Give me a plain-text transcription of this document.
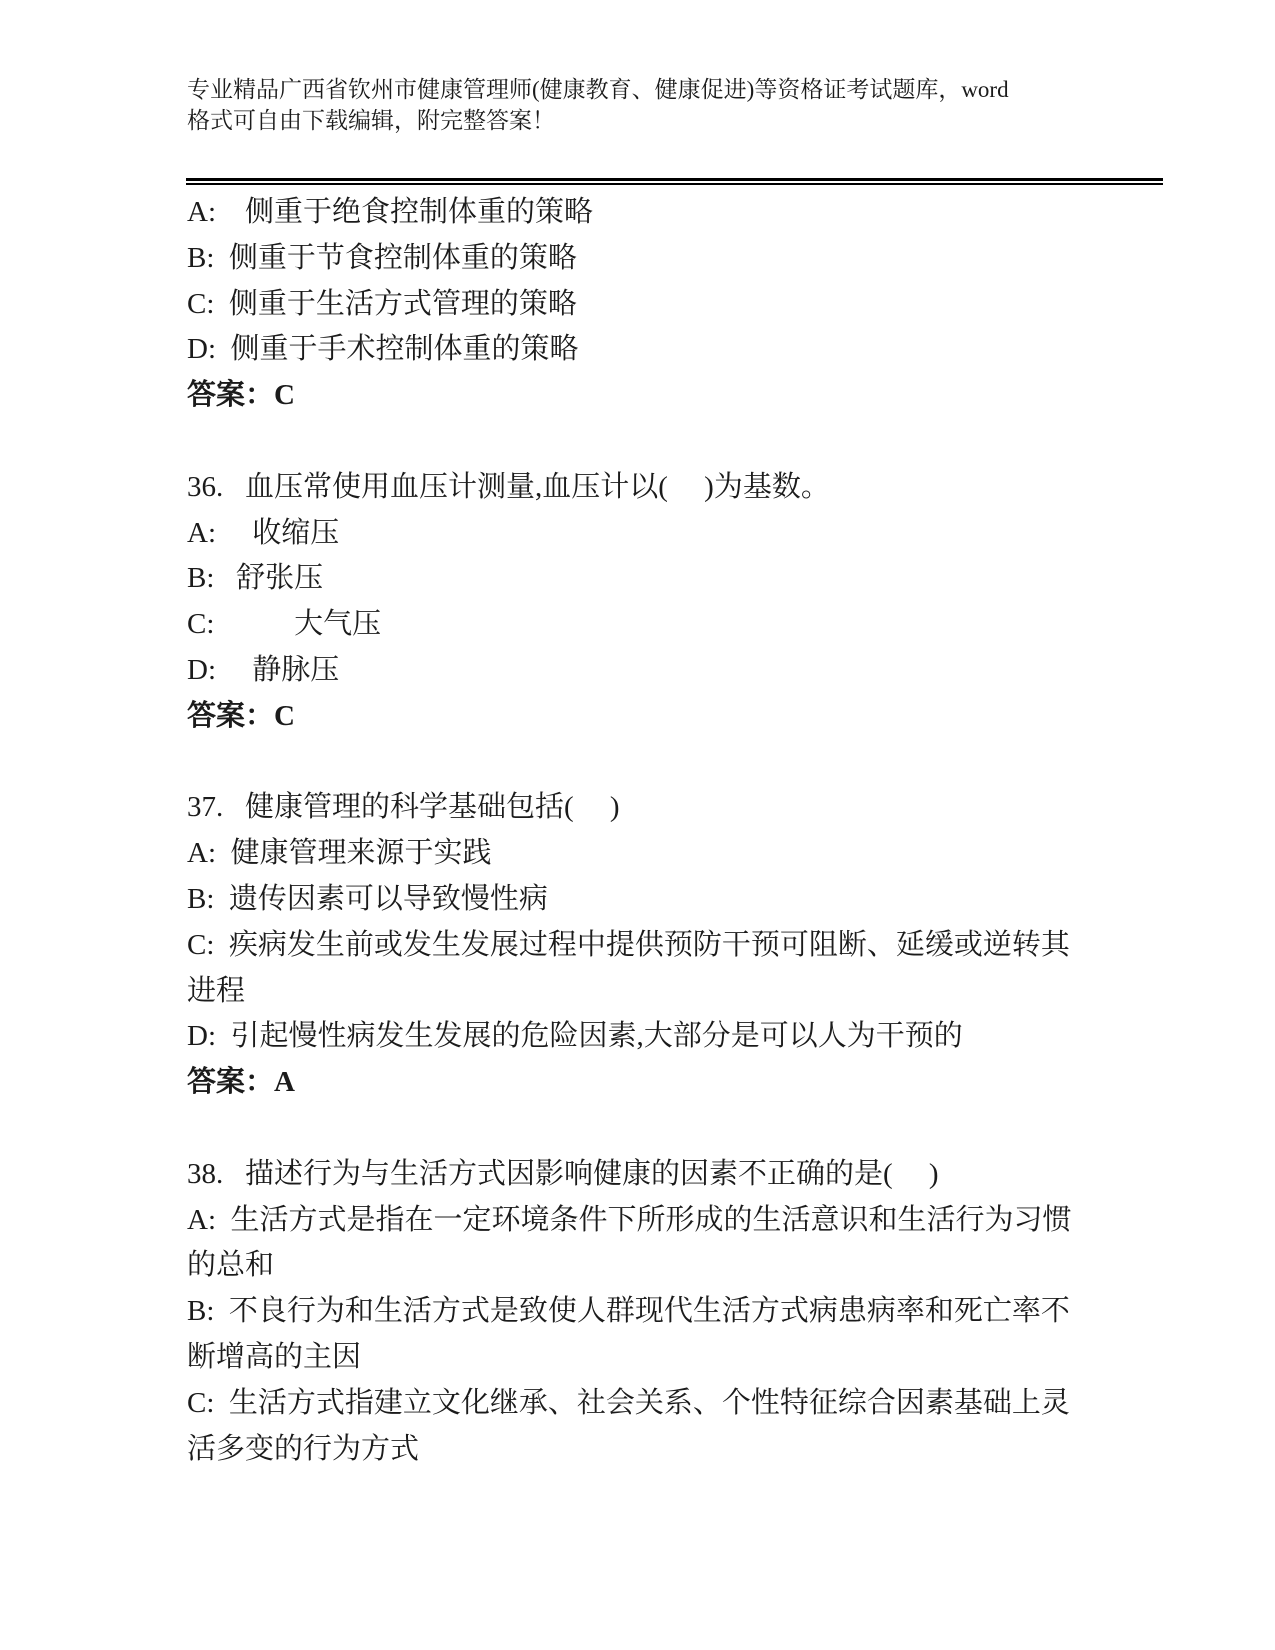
专业精品广西省钦州市健康管理师(健康教育、健康促进)等资格证考试题库，word
格式可自由下载编辑，附完整答案！
A:    侧重于绝食控制体重的策略
B:  侧重于节食控制体重的策略
C:  侧重于生活方式管理的策略
D:  侧重于手术控制体重的策略
答案：C
36.   血压常使用血压计测量,血压计以(     )为基数。
A:     收缩压
B:   舒张压
C:           大气压
D:     静脉压
答案：C
37.   健康管理的科学基础包括(     )
A:  健康管理来源于实践
B:  遗传因素可以导致慢性病
C:  疾病发生前或发生发展过程中提供预防干预可阻断、延缓或逆转其
进程
D:  引起慢性病发生发展的危险因素,大部分是可以人为干预的
答案：A
38.   描述行为与生活方式因影响健康的因素不正确的是(     )
A:  生活方式是指在一定环境条件下所形成的生活意识和生活行为习惯
的总和
B:  不良行为和生活方式是致使人群现代生活方式病患病率和死亡率不
断增高的主因
C:  生活方式指建立文化继承、社会关系、个性特征综合因素基础上灵
活多变的行为方式
